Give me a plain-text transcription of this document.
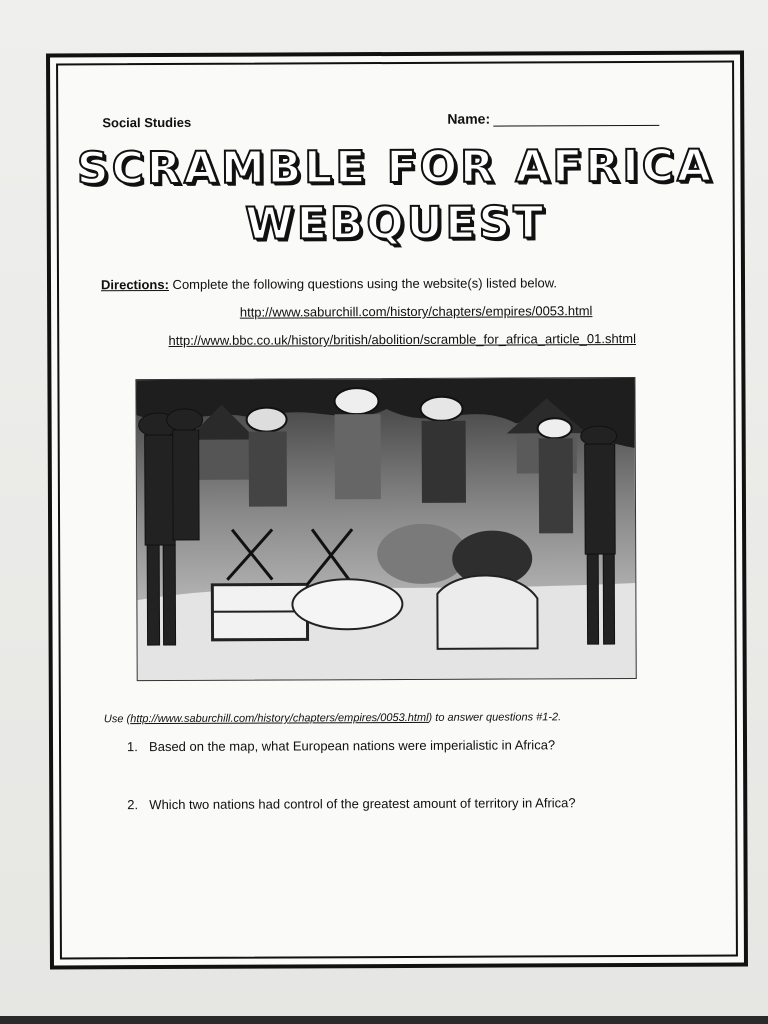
Social Studies	Name:
SCRAMBLE FOR AFRICA
WEBQUEST
Directions: Complete the following questions using the website(s) listed below.
http://www.saburchill.com/history/chapters/empires/0053.html
http://www.bbc.co.uk/history/british/abolition/scramble_for_africa_article_01.shtml
Use (http://www.saburchill.com/history/chapters/empires/0053.html) to answer questions #1-2.
1. Based on the map, what European nations were imperialistic in Africa?
2. Which two nations had control of the greatest amount of territory in Africa?
